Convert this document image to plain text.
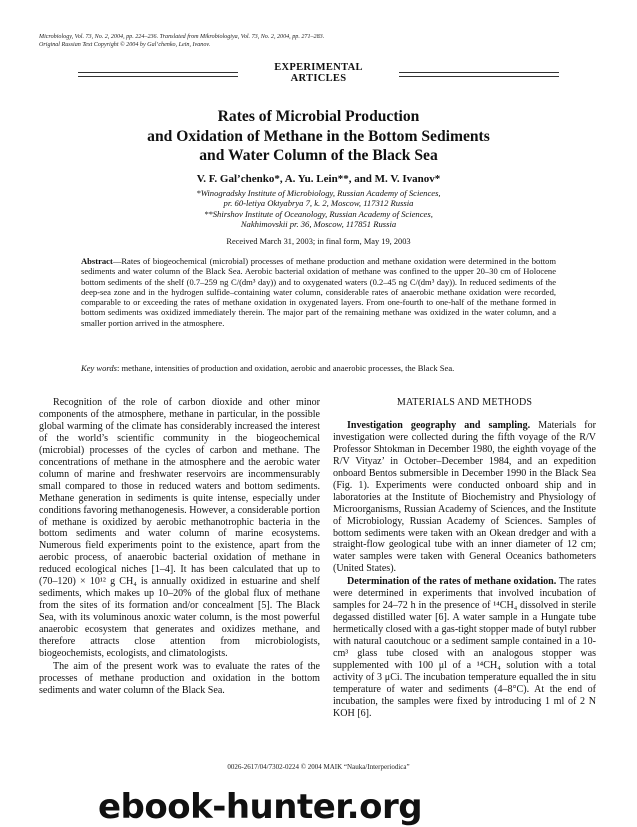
Microbiology, Vol. 73, No. 2, 2004, pp. 224–236. Translated from Mikrobiologiya, Vol. 73, No. 2, 2004, pp. 271–283.
Original Russian Text Copyright © 2004 by Gal’chenko, Lein, Ivanov.
EXPERIMENTAL
ARTICLES
Rates of Microbial Production
and Oxidation of Methane in the Bottom Sediments
and Water Column of the Black Sea
V. F. Gal’chenko*, A. Yu. Lein**, and M. V. Ivanov*
*Winogradsky Institute of Microbiology, Russian Academy of Sciences,
pr. 60-letiya Oktyabrya 7, k. 2, Moscow, 117312 Russia
**Shirshov Institute of Oceanology, Russian Academy of Sciences,
Nakhimovskii pr. 36, Moscow, 117851 Russia
Received March 31, 2003; in final form, May 19, 2003
Abstract—Rates of biogeochemical (microbial) processes of methane production and methane oxidation were determined in the bottom sediments and water column of the Black Sea. Aerobic bacterial oxidation of methane was confined to the upper 20–30 cm of Holocene bottom sediments of the shelf (0.7–259 ng C/(dm³ day)) and to oxygenated waters (0.2–45 ng C/(dm³ day)). In reduced sediments of the deep-sea zone and in the hydrogen sulfide–containing water column, considerable rates of anaerobic methane oxidation were recorded, comparable to or exceeding the rates of methane oxidation in oxygenated layers. From one-fourth to one-half of the methane formed in bottom sediments was oxidized immediately therein. The major part of the remaining methane was oxidized in the water column, and a smaller portion arrived in the atmosphere.
Key words: methane, intensities of production and oxidation, aerobic and anaerobic processes, the Black Sea.

Recognition of the role of carbon dioxide and other minor components of the atmosphere, methane in particular, in the possible global warming of the climate has considerably increased the interest of the world’s scientific community in the biogeochemical (microbial) processes of the cycles of carbon and methane. The concentrations of methane in the atmosphere and the aerobic water column of marine and freshwater reservoirs are incommensurably small compared to those in reduced waters and bottom sediments. Methane generation in sediments is quite intense, especially under conditions favoring methanogenesis. However, a considerable portion of methane is oxidized by aerobic methanotrophic bacteria in the bottom sediments and water column of marine ecosystems. Numerous field experiments point to the existence, apart from the aerobic process, of anaerobic bacterial oxidation of methane in reduced ecological niches [1–4]. It has been calculated that up to (70–120) × 10¹² g CH₄ is annually oxidized in estuarine and shelf sediments, which makes up 10–20% of the global flux of methane from the sites of its formation and/or concealment [5]. The Black Sea, with its voluminous anoxic water column, is the most powerful anaerobic ecosystem that generates and oxidizes methane, and therefore attracts close attention from microbiologists, biogeochemists, ecologists, and climatologists.

The aim of the present work was to evaluate the rates of the processes of methane production and oxidation in the bottom sediments and water column of the Black Sea.

MATERIALS AND METHODS

Investigation geography and sampling. Materials for investigation were collected during the fifth voyage of the R/V Professor Shtokman in December 1980, the eighth voyage of the R/V Vityaz’ in October–December 1984, and an expedition onboard Bentos submersible in December 1990 in the Black Sea (Fig. 1). Experiments were conducted onboard ship and in laboratories at the Institute of Biochemistry and Physiology of Microorganisms, Russian Academy of Sciences, and the Institute of Microbiology, Russian Academy of Sciences. Samples of bottom sediments were taken with an Okean dredger and with a straight-flow geological tube with an inner diameter of 12 cm; water samples were taken with General Oceanics bathometers (United States).

Determination of the rates of methane oxidation. The rates were determined in experiments that involved incubation of samples for 24–72 h in the presence of ¹⁴CH₄ dissolved in sterile degassed distilled water [6]. A water sample in a Hungate tube hermetically closed with a gas-tight stopper made of butyl rubber with natural caoutchouc or a sediment sample contained in a 10-cm³ glass tube closed with an analogous stopper was supplemented with 100 μl of a ¹⁴CH₄ solution with a total activity of 3 μCi. The incubation temperature equalled the in situ temperature of water and sediments (4–8°C). At the end of incubation, the samples were fixed by introducing 1 ml of 2 N KOH [6].

0026-2617/04/7302-0224 © 2004 MAIK “Nauka/Interperiodica”
ebook-hunter.org
